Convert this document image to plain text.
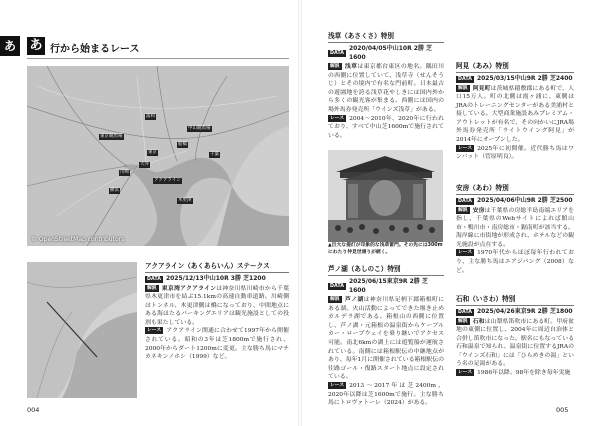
あ	あ 行から始まるレース
東京競馬場
中山競馬場
東京	千葉
大井
浦和
船橋
川崎
横浜
木更津
アクアライン
© OpenStreetMap contributors
アクアライン（あくあらいん）ステークス
DATA 2025/12/13中山10R 3勝 芝1200
解説 東京湾アクアラインは神奈川県川崎市から千葉県木更津市を結ぶ15.1kmの高速自動車道路。川崎側はトンネル、木更津側は橋になっており、中間地点にある海ほたるパーキングエリアは観光施設としての役割も果たしている。
レース アクアライン開通に合わせて1997年から開催されている。昭和の3年は芝1800mで施行され、2000年からダート1200mに変更。主な勝ち馬にマチカネキンノホシ（1999）など。
004
浅草（あさくさ）特別
DATA
2020/04/05中山10R 2勝 芝1600
解説 浅草は東京都台東区の地名。隅田川の西側に位置していて、浅草寺（せんそうじ）とその境内で有名な門前町。日本最古の遊園地を誇る浅草花やしきには国内外から多くの観光客が集まる。西側には国内の場外馬券発売所「ウインズ浅草」がある。
レース 2004～2010年、2020年に行われており、すべて中山芝1600mで施行されている。
▲巨大な提灯が印象的な浅草雷門。その先には300mにわたり仲見世通りが続く。
芦ノ湖（あしのこ）特別
DATA
2025/06/15東京9R 2勝 芝1600
解説 芦ノ湖は神奈川県足柄下郡箱根町にある湖。火山活動によってできた堰き止めカルデラ湖である。箱根山の西側に位置し、芦ノ湖・元箱根の温泉街からケーブルカー・ロープウェイを乗り継いでアクセス可能。南北6kmの湖上には遊覧船が運航されている。南側には箱根駅伝の中継地点があり、毎年1月に開催されている箱根駅伝の往路ゴール・復路スタート地点に設定されている。
レース 2013～2017年は芝2400m、2020年以降は芝1600mで施行。主な勝ち馬にトロヴァトーレ（2024）がある。
阿見（あみ）特別
DATA 2025/03/15中山9R 2勝 芝2400
解説 阿見町は茨城県稲敷郡にある町で、人口15万人。町の北側は霞ヶ浦に、東側はJRAのトレーニングセンターがある美浦村と接している。大型商業施設あみプレミアム・アウトレットが有名で、その向かいにJRA場外馬券発売所「ライトウイング阿見」が2014年にオープンした。
レース 2025年に初開催。近代勝ち馬はワンバット（菅原明良）。
安房（あわ）特別
DATA 2025/04/06中山9R 2勝 芝2500
解説 安房は千葉県の房総半島南端エリアを指し、千葉県のWebサイトによれば館山市・鴨川市・南房総市・鋸南町が該当する。海岸線に市街地が形成され、ホテルなどの観光施設が点在する。
レース 1970年代からほぼ毎年行われており、主な勝ち馬はエアジパング（2008）など。
石和（いさわ）特別
DATA 2025/04/26東京9R 2勝 芝1800
解説 石和は山梨県笛吹市にある町。甲府盆地の東側に位置し、2004年に周辺自治体と合併し笛吹市になった。駅名にもなっている石和温泉で知られ、温泉街に位置するJRAの「ウインズ石和」には「ひらめきの湯」という名の足湯がある。
レース 1986年以降、98年を除き毎年実施
005
